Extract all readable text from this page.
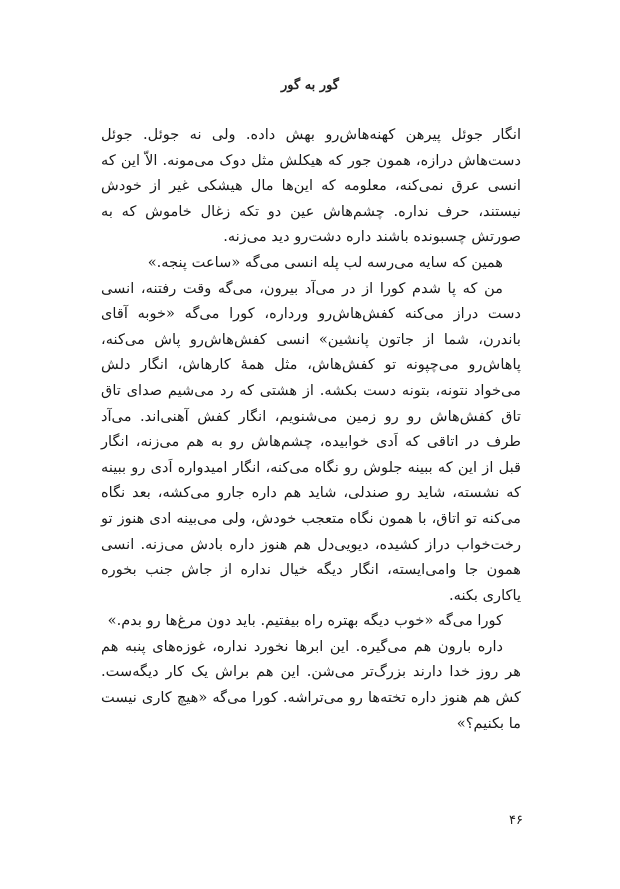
گور به گور

انگار جوئل پیرهن کهنه‌هاش‌رو بهش داده. ولی نه جوئل. جوئل دست‌هاش درازه، همون جور که هیکلش مثل دوک می‌مونه. الاّ این که انسی عرق نمی‌کنه، معلومه که این‌ها مال هیشکی غیر از خودش نیستند، حرف نداره. چشم‌هاش عین دو تکه زغال خاموش که به صورتش چسبونده باشند داره دشت‌رو دید می‌زنه.

همین که سایه می‌رسه لب پله انسی می‌گه «ساعت پنجه.»

من که پا شدم کورا از در می‌آد بیرون، می‌گه وقت رفتنه، انسی دست دراز می‌کنه کفش‌هاش‌رو ورداره، کورا می‌گه «خوبه آقای باندرن، شما از جاتون پانشین» انسی کفش‌هاش‌رو پاش می‌کنه، پاهاش‌رو می‌چپونه تو کفش‌هاش، مثل همهٔ کارهاش، انگار دلش می‌خواد نتونه، بتونه دست بکشه. از هشتی که رد می‌شیم صدای تاق تاق کفش‌هاش رو رو زمین می‌شنویم، انگار کفش آهنی‌اند. می‌آد طرف در اتاقی که اَدی خوابیده، چشم‌هاش رو به هم می‌زنه، انگار قبل از این که ببینه جلوش رو نگاه می‌کنه، انگار امیدواره اَدی رو ببینه که نشسته، شاید رو صندلی، شاید هم داره جارو می‌کشه، بعد نگاه می‌کنه تو اتاق، با همون نگاه متعجب خودش، ولی می‌بینه ادی هنوز تو رخت‌خواب دراز کشیده، دیویی‌دل هم هنوز داره بادش می‌زنه. انسی همون جا وامی‌ایسته، انگار دیگه خیال نداره از جاش جنب بخوره یاکاری بکنه.

کورا می‌گه «خوب دیگه بهتره راه بیفتیم. باید دون مرغ‌ها رو بدم.»

داره بارون هم می‌گیره. این ابرها نخورد نداره، غوزه‌های پنبه هم هر روز خدا دارند بزرگ‌تر می‌شن. این هم براش یک کار دیگه‌ست. کش هم هنوز داره تخته‌ها رو می‌تراشه. کورا می‌گه «هیچ کاری نیست ما بکنیم؟»

۴۶
